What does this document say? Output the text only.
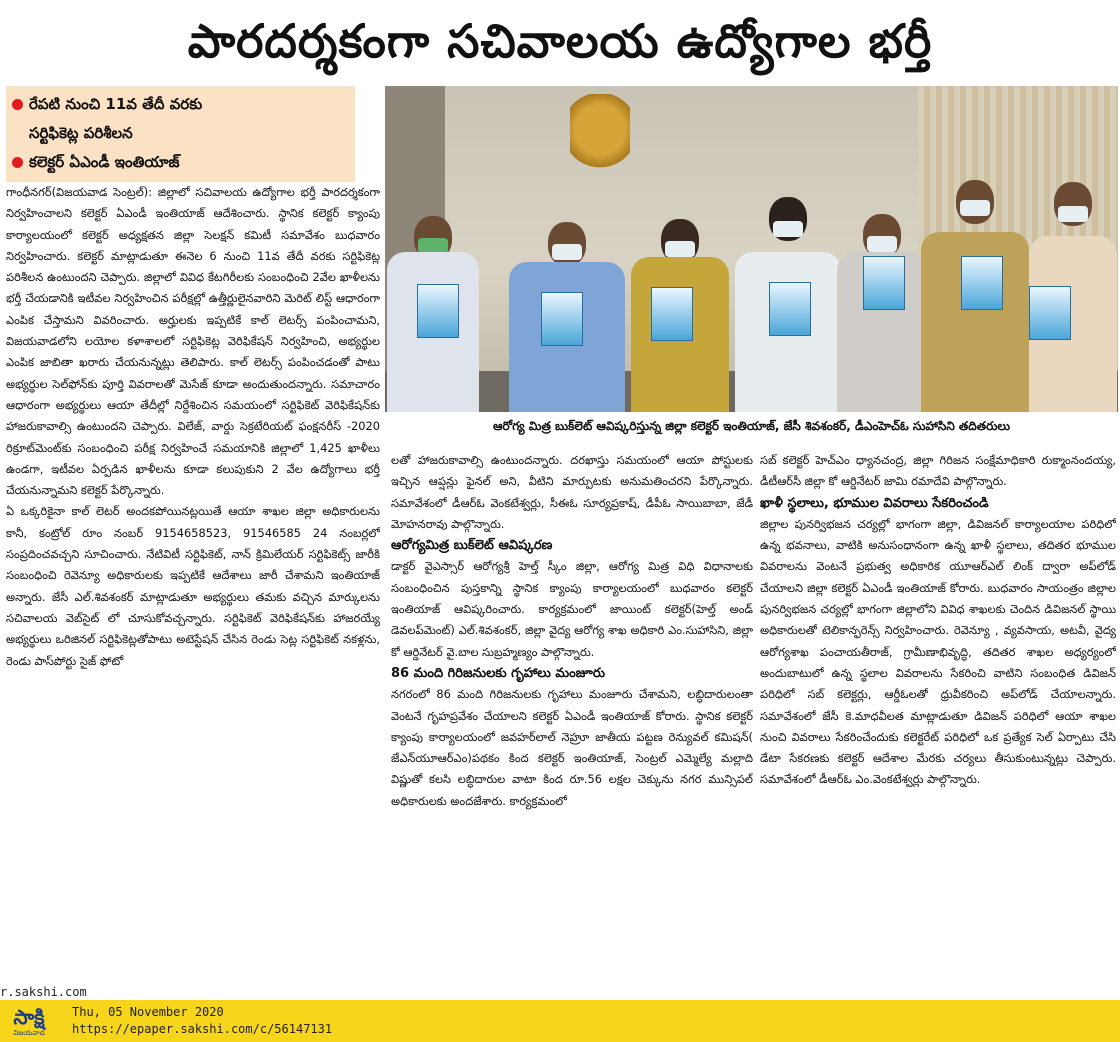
పారదర్శకంగా సచివాలయ ఉద్యోగాల భర్తీ
రేపటి నుంచి 11వ తేదీ వరకు
సర్టిఫికెట్ల పరిశీలన
కలెక్టర్ ఏఎండీ ఇంతియాజ్
ఆరోగ్య మిత్ర బుక్‌లెట్ ఆవిష్కరిస్తున్న జిల్లా కలెక్టర్ ఇంతియాజ్, జేసీ శివశంకర్, డీఎంహెచ్ఓ సుహాసిని తదితరులు

గాంధీనగర్(విజయవాడ సెంట్రల్): జిల్లాలో సచివాలయ ఉద్యోగాల భర్తీ పారదర్శకంగా నిర్వహించాలని కలెక్టర్ ఏఎండీ ఇంతియాజ్ ఆదేశించారు. స్థానిక కలెక్టర్ క్యాంపు కార్యాలయంలో కలెక్టర్ అధ్యక్షతన జిల్లా సెలక్షన్ కమిటీ సమావేశం బుధవారం నిర్వహించారు. కలెక్టర్ మాట్లాడుతూ ఈనెల 6 నుంచి 11వ తేదీ వరకు సర్టిఫికెట్ల పరిశీలన ఉంటుందని చెప్పారు. జిల్లాలో వివిధ కేటగిరీలకు సంబంధించి 2వేల ఖాళీలను భర్తీ చేయడానికి ఇటీవల నిర్వహించిన పరీక్షల్లో ఉత్తీర్ణులైనవారిని మెరిట్ లిస్ట్ ఆధారంగా ఎంపిక చేస్తామని వివరించారు. అర్హులకు ఇప్పటికే కాల్ లెటర్స్ పంపించామని, విజయవాడలోని లయోల కళాశాలలో సర్టిఫికెట్ల వెరిఫికేషన్ నిర్వహించి, అభ్యర్థుల ఎంపిక జాబితా ఖరారు చేయనున్నట్లు తెలిపారు. కాల్ లెటర్స్ పంపించడంతో పాటు అభ్యర్థుల సెల్‌ఫోన్‌కు పూర్తి వివరాలతో మెసేజ్ కూడా అందుతుందన్నారు. సమాచారం ఆధారంగా అభ్యర్థులు ఆయా తేదీల్లో నిర్దేశించిన సమయంలో సర్టిఫికెట్ వెరిఫికేషన్‌కు హాజరుకావాల్సి ఉంటుందని చెప్పారు. విలేజ్, వార్డు సెక్రటేరియట్ ఫంక్షనరీస్ -2020 రిక్రూట్‌మెంట్‌కు సంబంధించి పరీక్ష నిర్వహించే సమయానికి జిల్లాలో 1,425 ఖాళీలు ఉండగా, ఇటీవల ఏర్పడిన ఖాళీలను కూడా కలుపుకుని 2 వేల ఉద్యోగాలు భర్తీ చేయనున్నామని కలెక్టర్ పేర్కొన్నారు.

ఏ ఒక్కరికైనా కాల్ లెటర్ అందకపోయినట్లయితే ఆయా శాఖల జిల్లా అధికారులను కానీ, కంట్రోల్ రూం నంబర్ 9154658523, 91546585 24 నంబర్లలో సంప్రదించవచ్చని సూచించారు. నేటివిటీ సర్టిఫికెట్, నాన్ క్రిమిలేయర్ సర్టిఫికెట్స్ జారీకి సంబంధించి రెవెన్యూ అధికారులకు ఇప్పటికే ఆదేశాలు జారీ చేశామని ఇంతియాజ్ అన్నారు. జేసీ ఎల్.శివశంకర్ మాట్లాడుతూ అభ్యర్థులు తమకు వచ్చిన మార్కులను సచివాలయ వెబ్‌సైట్ లో చూసుకోవచ్చన్నారు. సర్టిఫికెట్ వెరిఫికేషన్‌కు హాజరయ్యే అభ్యర్థులు ఒరిజినల్ సర్టిఫికెట్లతోపాటు అటెస్టేషన్ చేసిన రెండు సెట్ల సర్టిఫికెట్ నకళ్లను, రెండు పాస్‌పోర్టు సైజ్ ఫోటో

లతో హాజరుకావాల్సి ఉంటుందన్నారు. దరఖాస్తు సమయంలో ఆయా పోస్టులకు ఇచ్చిన ఆప్షన్లు ఫైనల్ అని, వీటిని మార్పుటకు అనుమతించరని పేర్కొన్నారు. సమావేశంలో డీఆర్ఓ వెంకటేశ్వర్లు, సీఈఓ సూర్యప్రకాష్, డీపీఓ సాయిబాబా, జేడీ మోహనరావు పాల్గొన్నారు.

ఆరోగ్యమిత్ర బుక్‌లెట్ ఆవిష్కరణ

డాక్టర్ వైఎస్సార్ ఆరోగ్యశ్రీ హెల్త్ స్కీం జిల్లా, ఆరోగ్య మిత్ర విధి విధానాలకు సంబంధించిన పుస్తకాన్ని స్థానిక క్యాంపు కార్యాలయంలో బుధవారం కలెక్టర్ ఇంతియాజ్ ఆవిష్కరించారు. కార్యక్రమంలో జాయింట్ కలెక్టర్(హెల్త్ అండ్ డెవలప్‌మెంట్) ఎల్.శివశంకర్, జిల్లా వైద్య ఆరోగ్య శాఖ అధికారి ఎం.సుహాసిని, జిల్లా కో ఆర్డినేటర్ వై.బాల సుబ్రహ్మణ్యం పాల్గొన్నారు.

86 మంది గిరిజనులకు గృహాలు మంజూరు

నగరంలో 86 మంది గిరిజనులకు గృహాలు మంజూరు చేశామని, లబ్ధిదారులంతా వెంటనే గృహప్రవేశం చేయాలని కలెక్టర్ ఏఎండీ ఇంతియాజ్ కోరారు. స్థానిక కలెక్టర్ క్యాంపు కార్యాలయంలో జవహర్‌లాల్ నెహ్రూ జాతీయ పట్టణ రెన్యువల్ కమిషన్( జేఎన్‌యూఆర్ఎం)పథకం కింద కలెక్టర్ ఇంతియాజ్, సెంట్రల్ ఎమ్మెల్యే మల్లాది విష్ణుతో కలసి లబ్ధిదారుల వాటా కింద రూ.56 లక్షల చెక్కును నగర మున్సిపల్ అధికారులకు అందజేశారు. కార్యక్రమంలో

సబ్ కలెక్టర్ హెచ్ఎం ధ్యానచంద్ర, జిల్లా గిరిజన సంక్షేమాధికారి రుక్మాంనందయ్య, డీటీఆర్‌సీ జిల్లా కో ఆర్డినేటర్ జామి రమాదేవి పాల్గొన్నారు.

ఖాళీ స్థలాలు, భూముల వివరాలు సేకరించండి

జిల్లాల పునర్విభజన చర్యల్లో భాగంగా జిల్లా, డివిజనల్ కార్యాలయాల పరిధిలో ఉన్న భవనాలు, వాటికి అనుసంధానంగా ఉన్న ఖాళీ స్థలాలు, తదితర భూముల వివరాలను వెంటనే ప్రభుత్వ అధికారిక యూఆర్ఎల్ లింక్ ద్వారా అప్‌లోడ్ చేయాలని జిల్లా కలెక్టర్ ఏఎండీ ఇంతియాజ్ కోరారు. బుధవారం సాయంత్రం జిల్లాల పునర్విభజన చర్యల్లో భాగంగా జిల్లాలోని వివిధ శాఖలకు చెందిన డివిజనల్ స్థాయి అధికారులతో టెలికాన్ఫరెన్స్ నిర్వహించారు. రెవెన్యూ , వ్యవసాయ, అటవీ, వైద్య ఆరోగ్యశాఖ పంచాయతీరాజ్, గ్రామీణాభివృద్ధి, తదితర శాఖల అధ్యర్యంలో అందుబాటులో ఉన్న స్థలాల వివరాలను సేకరించి వాటిని సంబంధిత డివిజన్ పరిధిలో సబ్ కలెక్టర్లు, ఆర్డీఓలతో ధ్రువీకరించి అప్‌లోడ్ చేయాలన్నారు. సమావేశంలో జేసీ కె.మాధవీలత మాట్లాడుతూ డివిజన్ పరిధిలో ఆయా శాఖల నుంచి వివరాలు సేకరించేందుకు కలెక్టరేట్ పరిధిలో ఒక ప్రత్యేక సెల్ ఏర్పాటు చేసి డేటా సేకరణకు కలెక్టర్ ఆదేశాల మేరకు చర్యలు తీసుకుంటున్నట్లు చెప్పారు. సమావేశంలో డీఆర్ఓ ఎం.వెంకటేశ్వర్లు పాల్గొన్నారు.

r.sakshi.com
సాక్షి
విజయవాడ
Thu, 05 November 2020
https://epaper.sakshi.com/c/56147131
